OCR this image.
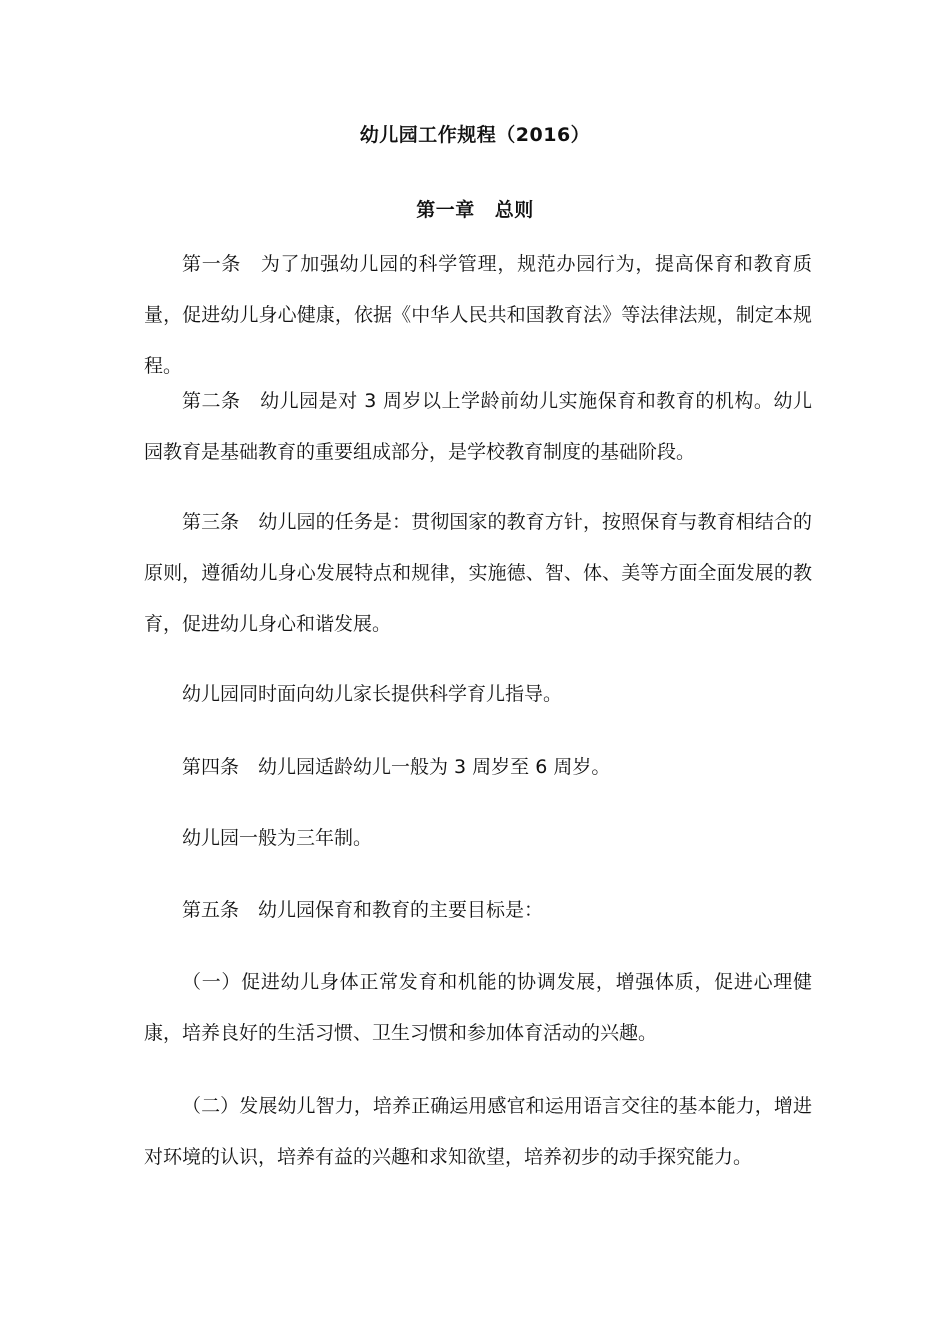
幼儿园工作规程（2016）
第一章 总则

第一条 为了加强幼儿园的科学管理，规范办园行为，提高保育和教育质量，促进幼儿身心健康，依据《中华人民共和国教育法》等法律法规，制定本规程。

第二条 幼儿园是对 3 周岁以上学龄前幼儿实施保育和教育的机构。幼儿园教育是基础教育的重要组成部分，是学校教育制度的基础阶段。

第三条 幼儿园的任务是：贯彻国家的教育方针，按照保育与教育相结合的原则，遵循幼儿身心发展特点和规律，实施德、智、体、美等方面全面发展的教育，促进幼儿身心和谐发展。

幼儿园同时面向幼儿家长提供科学育儿指导。

第四条 幼儿园适龄幼儿一般为 3 周岁至 6 周岁。

幼儿园一般为三年制。

第五条 幼儿园保育和教育的主要目标是：

（一）促进幼儿身体正常发育和机能的协调发展，增强体质，促进心理健康，培养良好的生活习惯、卫生习惯和参加体育活动的兴趣。

（二）发展幼儿智力，培养正确运用感官和运用语言交往的基本能力，增进对环境的认识，培养有益的兴趣和求知欲望，培养初步的动手探究能力。
